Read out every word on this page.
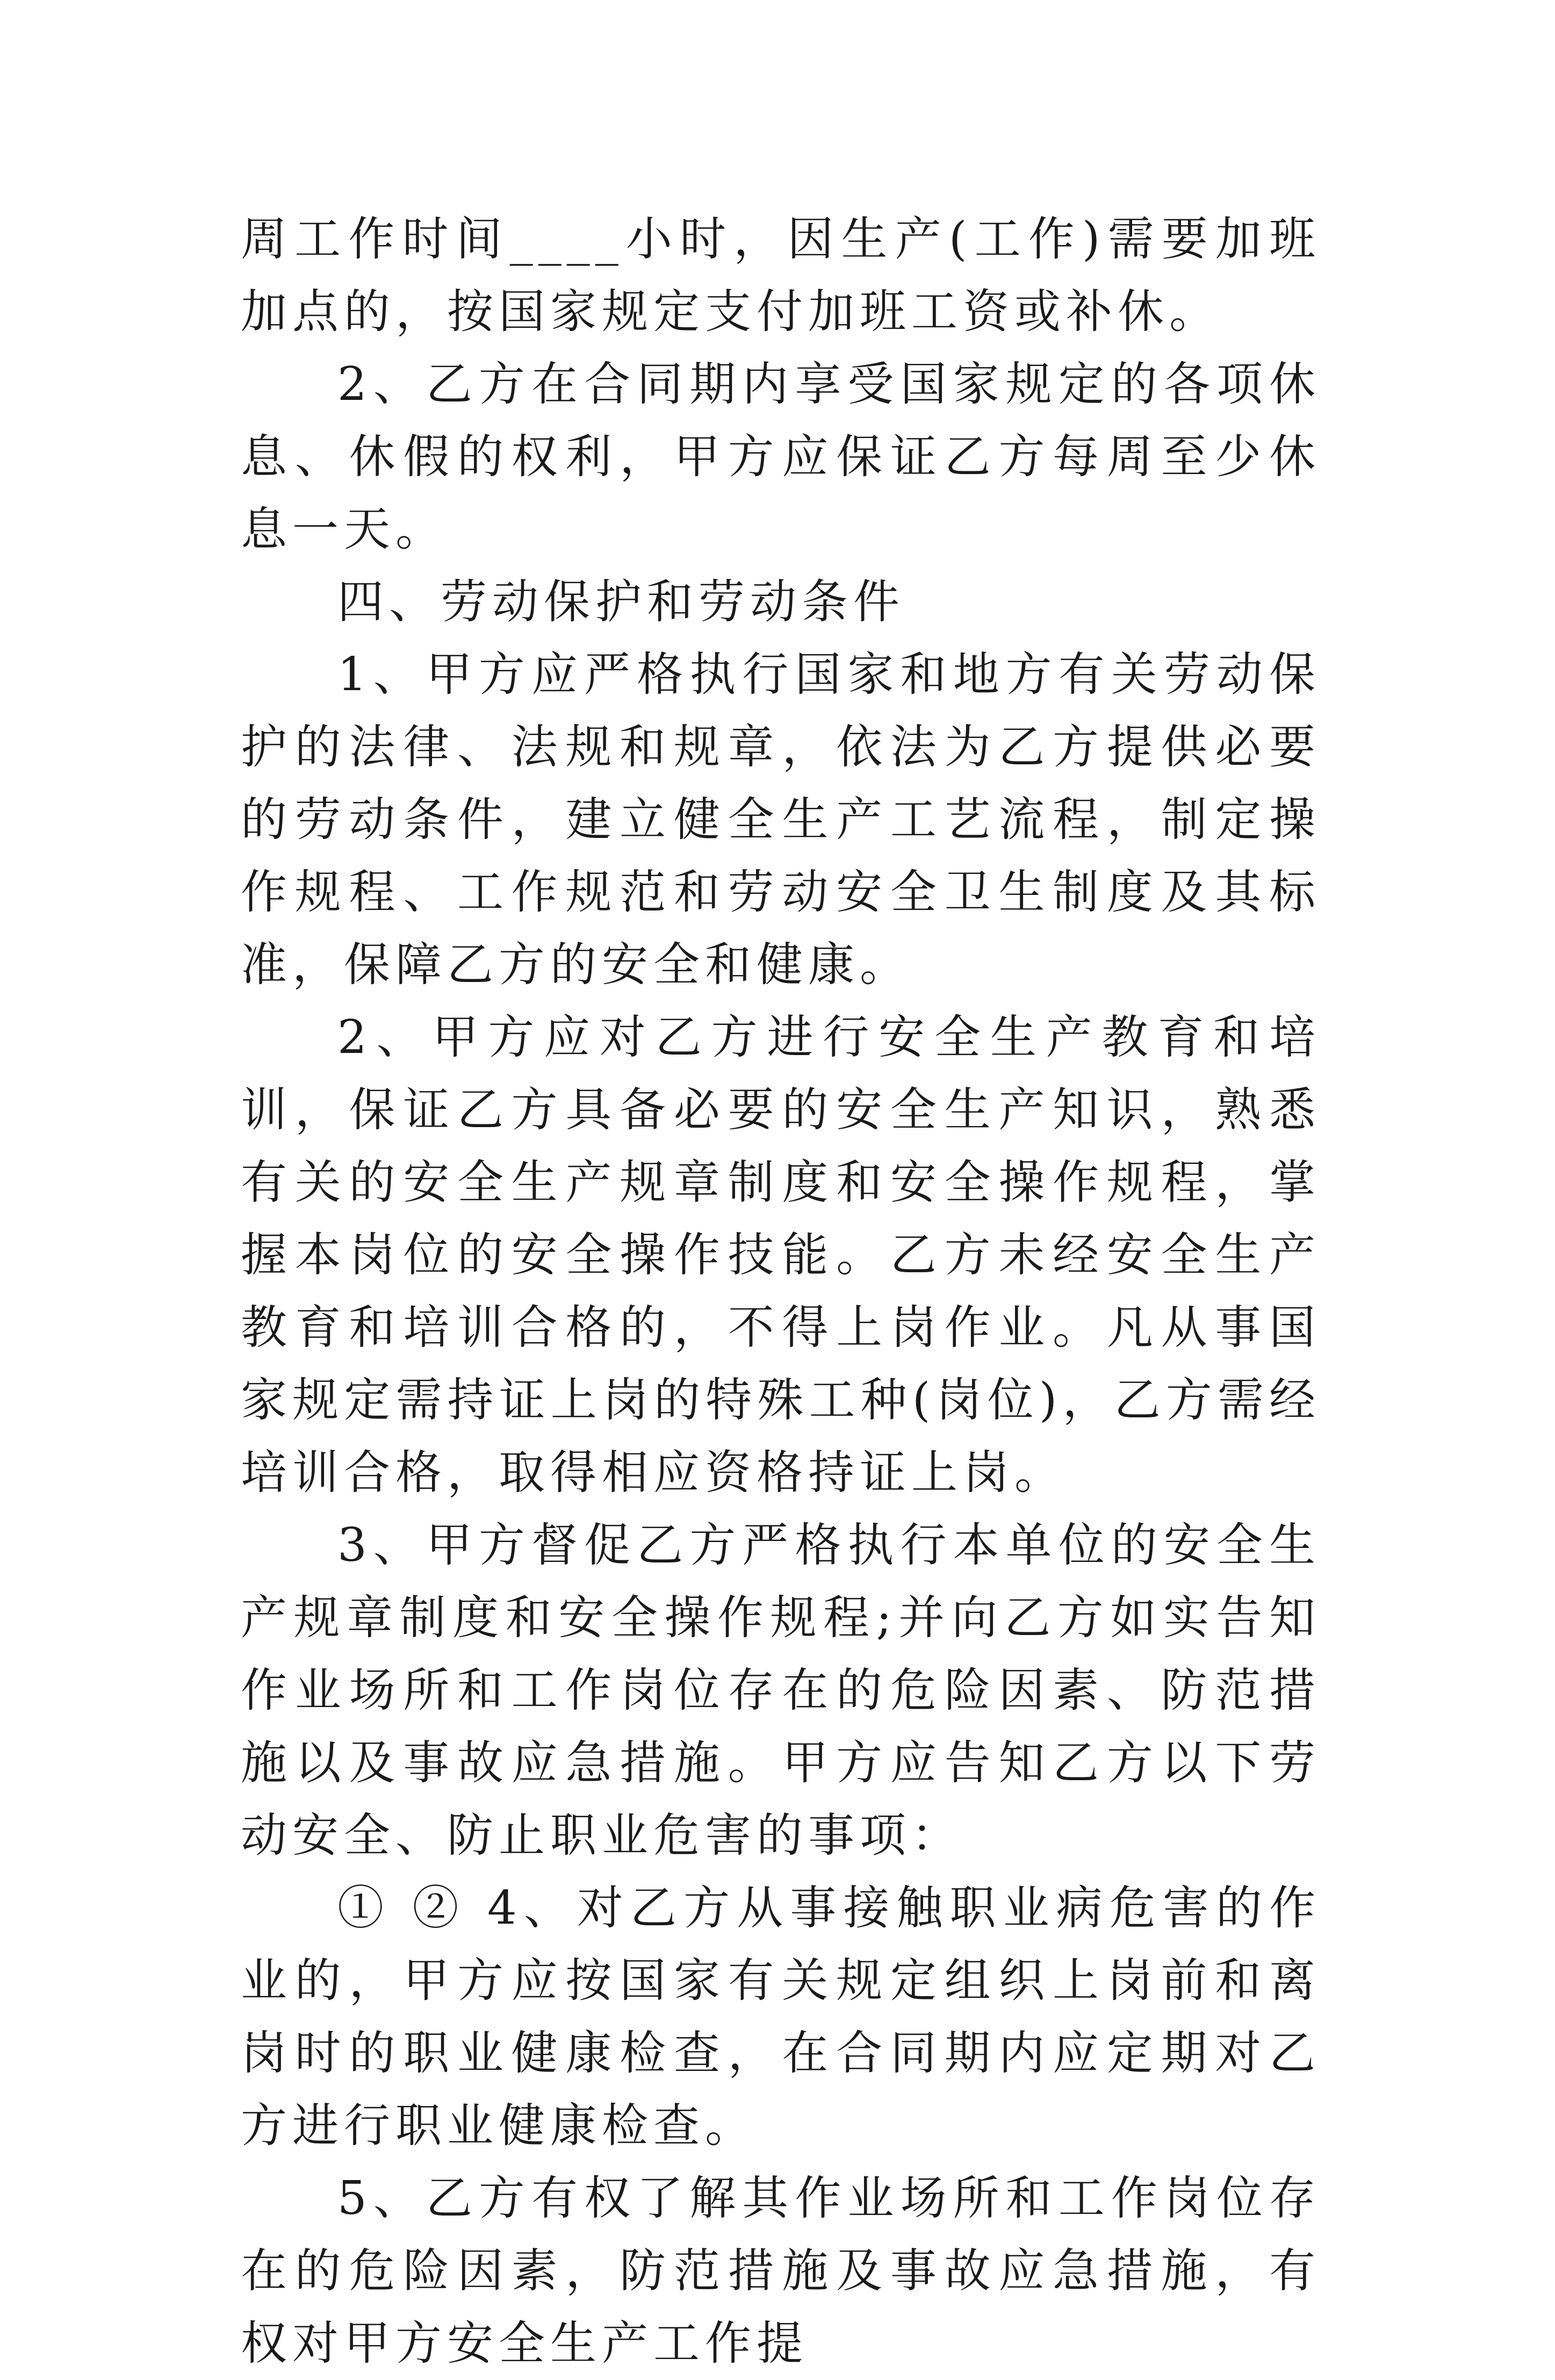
周工作时间____小时，因生产(工作)需要加班加点的，按国家规定支付加班工资或补休。

2、乙方在合同期内享受国家规定的各项休息、休假的权利，甲方应保证乙方每周至少休息一天。

四、劳动保护和劳动条件

1、甲方应严格执行国家和地方有关劳动保护的法律、法规和规章，依法为乙方提供必要的劳动条件，建立健全生产工艺流程，制定操作规程、工作规范和劳动安全卫生制度及其标准，保障乙方的安全和健康。

2、甲方应对乙方进行安全生产教育和培训，保证乙方具备必要的安全生产知识，熟悉有关的安全生产规章制度和安全操作规程，掌握本岗位的安全操作技能。乙方未经安全生产教育和培训合格的，不得上岗作业。凡从事国家规定需持证上岗的特殊工种(岗位)，乙方需经培训合格，取得相应资格持证上岗。

3、甲方督促乙方严格执行本单位的安全生产规章制度和安全操作规程;并向乙方如实告知作业场所和工作岗位存在的危险因素、防范措施以及事故应急措施。甲方应告知乙方以下劳动安全、防止职业危害的事项：

① ② 4、对乙方从事接触职业病危害的作业的，甲方应按国家有关规定组织上岗前和离岗时的职业健康检查，在合同期内应定期对乙方进行职业健康检查。

5、乙方有权了解其作业场所和工作岗位存在的危险因素，防范措施及事故应急措施，有权对甲方安全生产工作提
